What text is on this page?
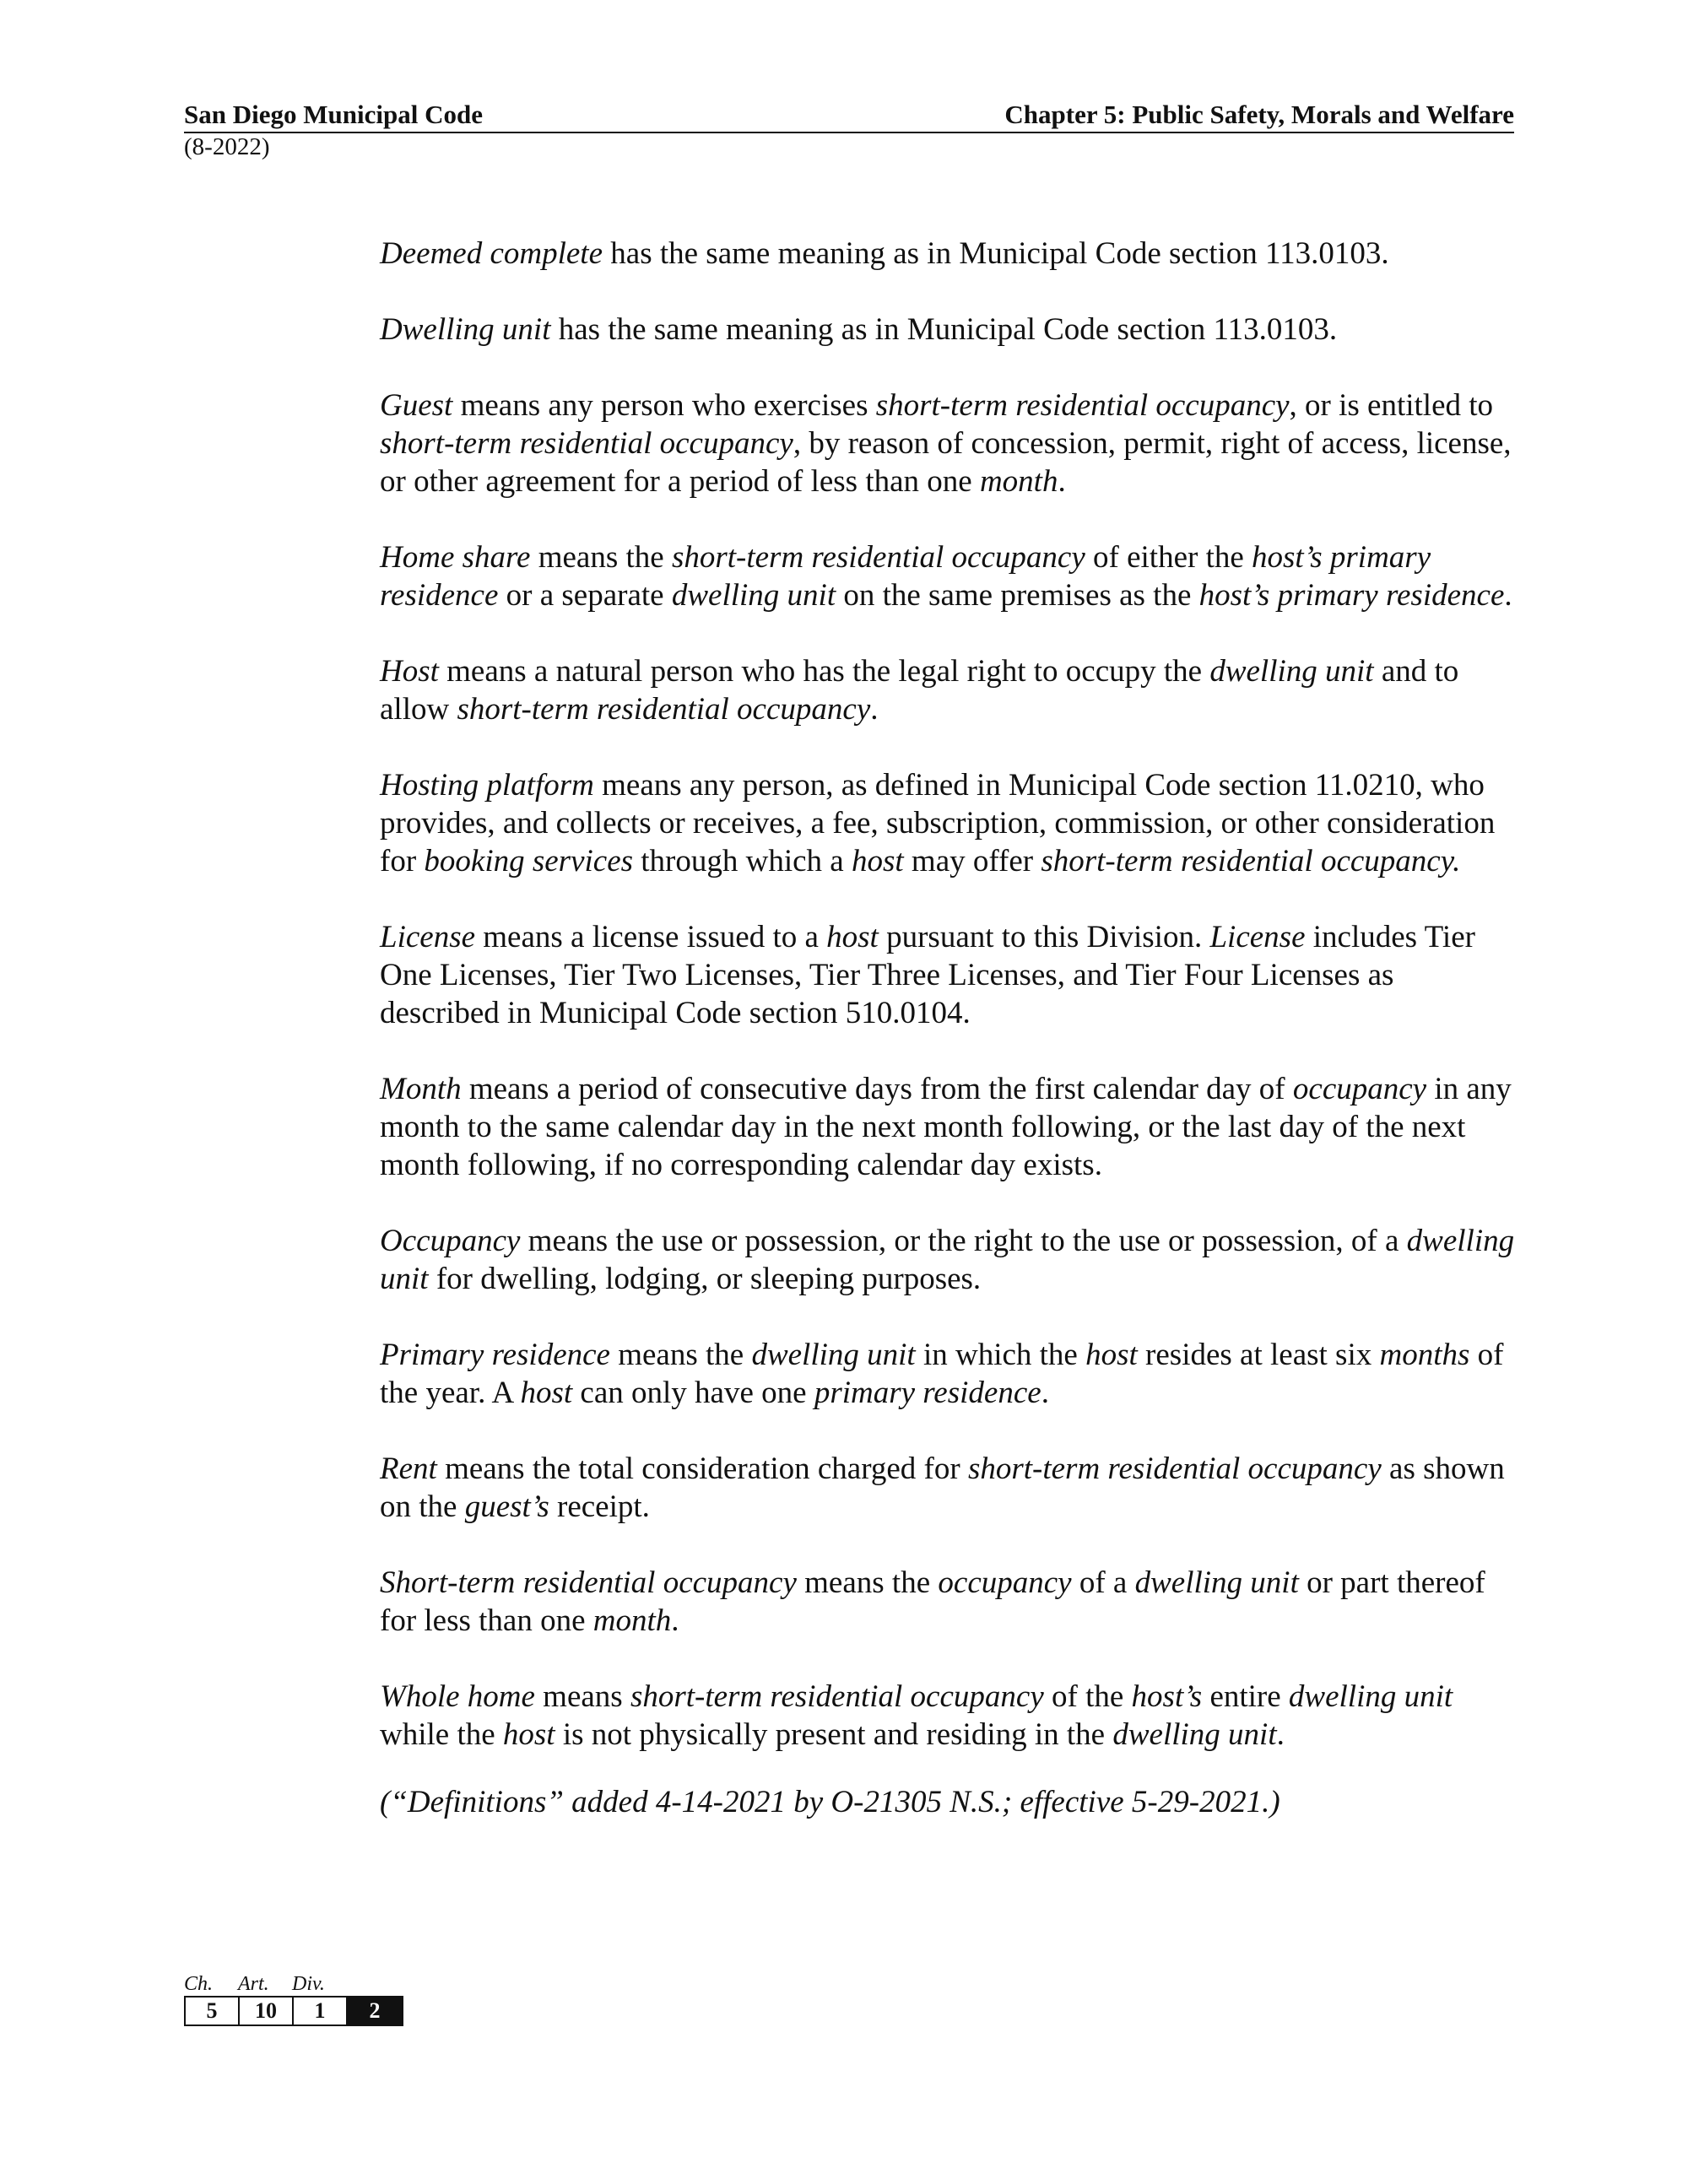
San Diego Municipal Code	Chapter 5: Public Safety, Morals and Welfare
(8-2022)

Deemed complete has the same meaning as in Municipal Code section 113.0103.

Dwelling unit has the same meaning as in Municipal Code section 113.0103.

Guest means any person who exercises short-term residential occupancy, or is entitled to short-term residential occupancy, by reason of concession, permit, right of access, license, or other agreement for a period of less than one month.

Home share means the short-term residential occupancy of either the host’s primary residence or a separate dwelling unit on the same premises as the host’s primary residence.

Host means a natural person who has the legal right to occupy the dwelling unit and to allow short-term residential occupancy.

Hosting platform means any person, as defined in Municipal Code section 11.0210, who provides, and collects or receives, a fee, subscription, commission, or other consideration for booking services through which a host may offer short-term residential occupancy.

License means a license issued to a host pursuant to this Division. License includes Tier One Licenses, Tier Two Licenses, Tier Three Licenses, and Tier Four Licenses as described in Municipal Code section 510.0104.

Month means a period of consecutive days from the first calendar day of occupancy in any month to the same calendar day in the next month following, or the last day of the next month following, if no corresponding calendar day exists.

Occupancy means the use or possession, or the right to the use or possession, of a dwelling unit for dwelling, lodging, or sleeping purposes.

Primary residence means the dwelling unit in which the host resides at least six months of the year. A host can only have one primary residence.

Rent means the total consideration charged for short-term residential occupancy as shown on the guest’s receipt.

Short-term residential occupancy means the occupancy of a dwelling unit or part thereof for less than one month.

Whole home means short-term residential occupancy of the host’s entire dwelling unit while the host is not physically present and residing in the dwelling unit.

(“Definitions” added 4-14-2021 by O-21305 N.S.; effective 5-29-2021.)

Ch. Art. Div.
5	10	1	2
